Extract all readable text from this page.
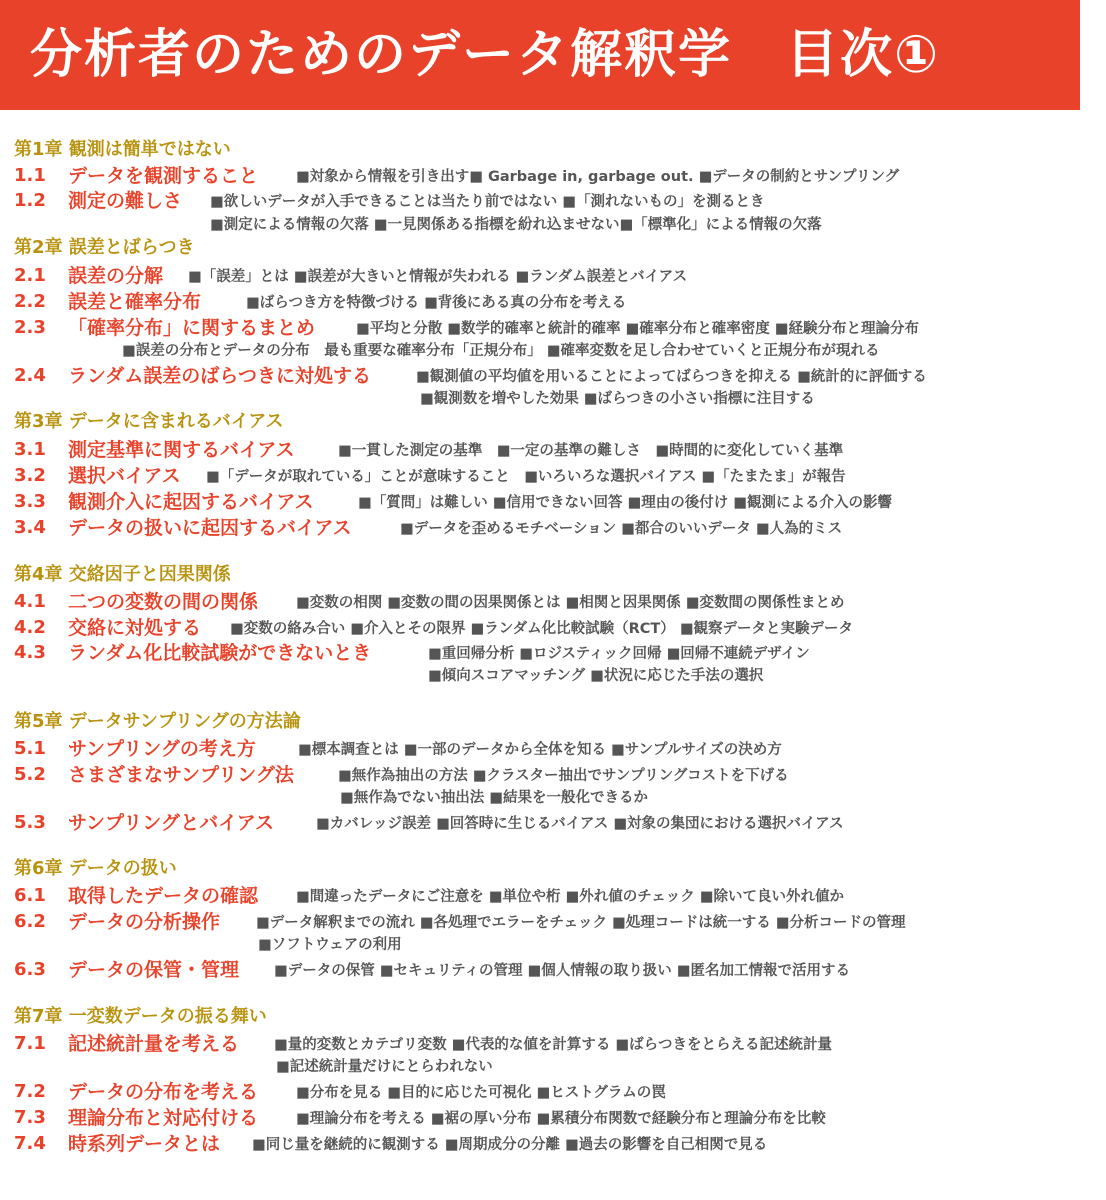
分析者のためのデータ解釈学　目次①
第1章 観測は簡単ではない
1.1 データを観測すること	■対象から情報を引き出す■ Garbage in, garbage out. ■データの制約とサンプリング
1.2 測定の難しさ ■欲しいデータが入手できることは当たり前ではない ■「測れないもの」を測るとき
■測定による情報の欠落 ■一見関係ある指標を紛れ込ませない■「標準化」による情報の欠落
第2章 誤差とばらつき
2.1 誤差の分解 ■「誤差」とは ■誤差が大きいと情報が失われる ■ランダム誤差とバイアス
2.2 誤差と確率分布	■ばらつき方を特徴づける ■背後にある真の分布を考える
2.3 「確率分布」に関するまとめ	■平均と分散 ■数学的確率と統計的確率 ■確率分布と確率密度 ■経験分布と理論分布
■誤差の分布とデータの分布　最も重要な確率分布「正規分布」 ■確率変数を足し合わせていくと正規分布が現れる
2.4 ランダム誤差のばらつきに対処する	■観測値の平均値を用いることによってばらつきを抑える ■統計的に評価する
■観測数を増やした効果 ■ばらつきの小さい指標に注目する
第3章 データに含まれるバイアス
3.1 測定基準に関するバイアス	■一貫した測定の基準　■一定の基準の難しさ　■時間的に変化していく基準
3.2 選択バイアス ■「データが取れている」ことが意味すること　■いろいろな選択バイアス ■「たまたま」が報告
3.3 観測介入に起因するバイアス	■「質問」は難しい ■信用できない回答 ■理由の後付け ■観測による介入の影響
3.4 データの扱いに起因するバイアス	■データを歪めるモチベーション ■都合のいいデータ ■人為的ミス
第4章 交絡因子と因果関係
4.1 二つの変数の間の関係	■変数の相関 ■変数の間の因果関係とは ■相関と因果関係 ■変数間の関係性まとめ
4.2 交絡に対処する ■変数の絡み合い ■介入とその限界 ■ランダム化比較試験（RCT） ■観察データと実験データ
4.3 ランダム化比較試験ができないとき	■重回帰分析 ■ロジスティック回帰 ■回帰不連続デザイン
■傾向スコアマッチング ■状況に応じた手法の選択
第5章 データサンプリングの方法論
5.1 サンプリングの考え方	■標本調査とは ■一部のデータから全体を知る ■サンプルサイズの決め方
5.2 さまざまなサンプリング法	■無作為抽出の方法 ■クラスター抽出でサンプリングコストを下げる
■無作為でない抽出法 ■結果を一般化できるか
5.3 サンプリングとバイアス	■カバレッジ誤差 ■回答時に生じるバイアス ■対象の集団における選択バイアス
第6章 データの扱い
6.1 取得したデータの確認	■間違ったデータにご注意を ■単位や桁 ■外れ値のチェック ■除いて良い外れ値か
6.2 データの分析操作 ■データ解釈までの流れ ■各処理でエラーをチェック ■処理コードは統一する ■分析コードの管理
■ソフトウェアの利用
6.3 データの保管・管理 ■データの保管 ■セキュリティの管理 ■個人情報の取り扱い ■匿名加工情報で活用する
第7章 一変数データの振る舞い
7.1 記述統計量を考える ■量的変数とカテゴリ変数 ■代表的な値を計算する ■ばらつきをとらえる記述統計量
■記述統計量だけにとらわれない
7.2 データの分布を考える	■分布を見る ■目的に応じた可視化 ■ヒストグラムの罠
7.3 理論分布と対応付ける	■理論分布を考える ■裾の厚い分布 ■累積分布関数で経験分布と理論分布を比較
7.4 時系列データとは ■同じ量を継続的に観測する ■周期成分の分離 ■過去の影響を自己相関で見る
